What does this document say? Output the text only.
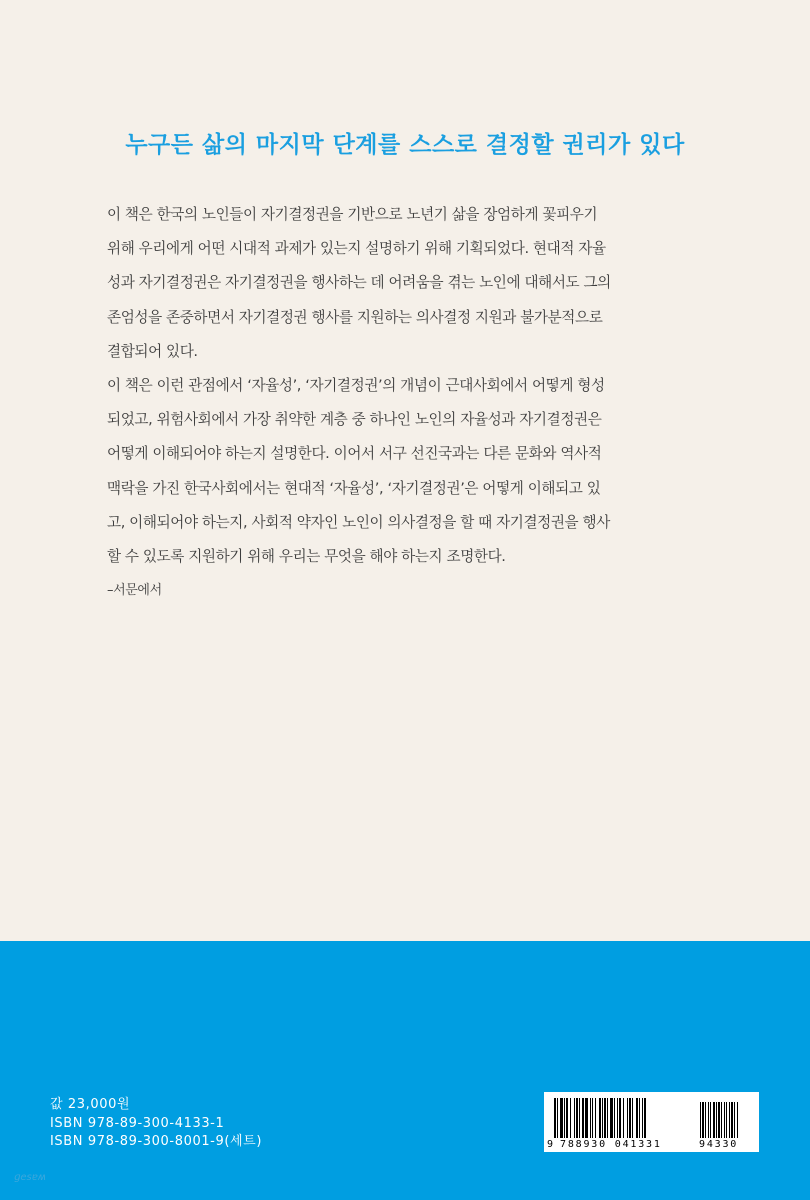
누구든 삶의 마지막 단계를 스스로 결정할 권리가 있다
이 책은 한국의 노인들이 자기결정권을 기반으로 노년기 삶을 장엄하게 꽃피우기
위해 우리에게 어떤 시대적 과제가 있는지 설명하기 위해 기획되었다. 현대적 자율
성과 자기결정권은 자기결정권을 행사하는 데 어려움을 겪는 노인에 대해서도 그의
존엄성을 존중하면서 자기결정권 행사를 지원하는 의사결정 지원과 불가분적으로
결합되어 있다.
이 책은 이런 관점에서 ‘자율성’, ‘자기결정권’의 개념이 근대사회에서 어떻게 형성
되었고, 위험사회에서 가장 취약한 계층 중 하나인 노인의 자율성과 자기결정권은
어떻게 이해되어야 하는지 설명한다. 이어서 서구 선진국과는 다른 문화와 역사적
맥락을 가진 한국사회에서는 현대적 ‘자율성’, ‘자기결정권’은 어떻게 이해되고 있
고, 이해되어야 하는지, 사회적 약자인 노인이 의사결정을 할 때 자기결정권을 행사
할 수 있도록 지원하기 위해 우리는 무엇을 해야 하는지 조명한다.
–서문에서
값 23,000원
ISBN 978-89-300-4133-1
ISBN 978-89-300-8001-9(세트)	9 788930 041331	94330
ɡesɐʍ
